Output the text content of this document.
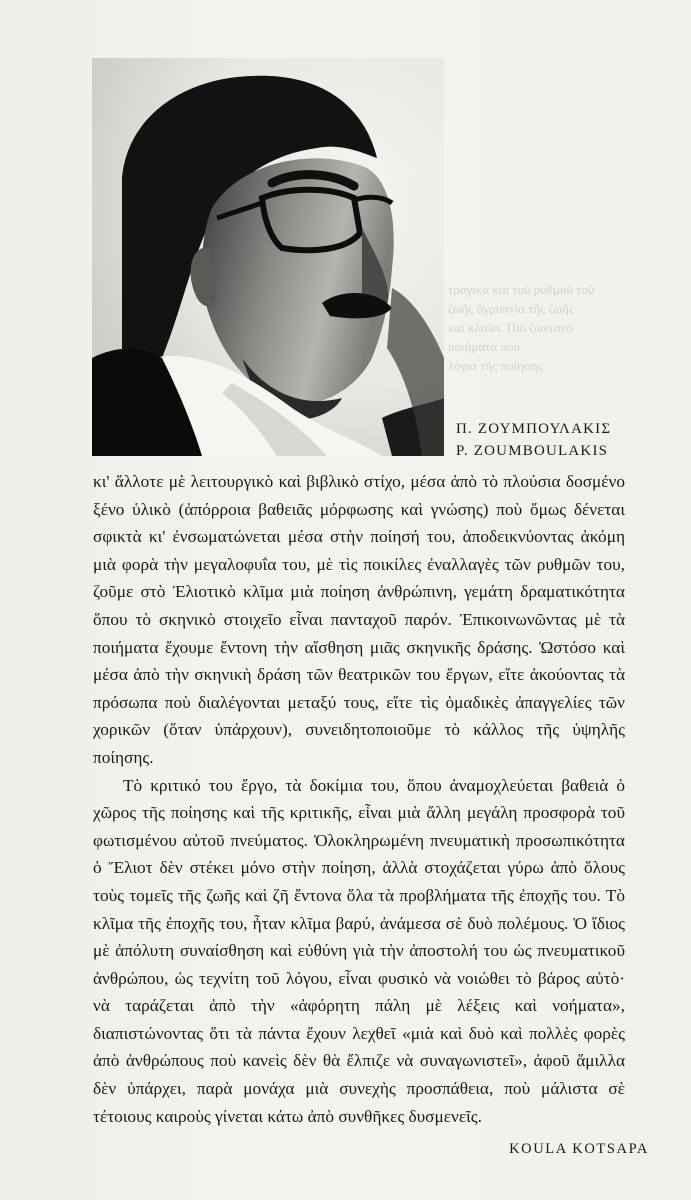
τραγικὰ καὶ τοῦ ρυθμοῦ τοῦ
ζωῆς ἀγρυπνία τῆς ζωῆς
καὶ κλαίει. Πιὸ ζωντανὸ
ποιήματα ποὺ
λόγια τῆς ποίησης
Π. ΖΟΥΜΠΟΥΛΑΚΙΣ
P. ZOUMBOULAKIS

κι' ἄλλοτε μὲ λειτουργικὸ καὶ βιβλικὸ στίχο, μέσα ἀπὸ τὸ πλούσια δοσμένο ξένο ὑλικὸ (ἀπόρροια βαθειᾶς μόρφωσης καὶ γνώσης) ποὺ ὅμως δένεται σφικτὰ κι' ἐνσωματώνεται μέσα στὴν ποίησή του, ἀποδεικνύοντας ἀκόμη μιὰ φορὰ τὴν μεγαλοφυΐα του, μὲ τὶς ποικίλες ἐναλλαγὲς τῶν ρυθμῶν του, ζοῦμε στὸ Ἐλιοτικὸ κλῖμα μιὰ ποίηση ἀνθρώπινη, γεμάτη δραματικότητα ὅπου τὸ σκηνικὸ στοιχεῖο εἶναι πανταχοῦ παρόν. Ἐπικοινωνῶντας μὲ τὰ ποιήματα ἔχουμε ἔντονη τὴν αἴσθηση μιᾶς σκηνικῆς δράσης. Ὡστόσο καὶ μέσα ἀπὸ τὴν σκηνικὴ δράση τῶν θεατρικῶν του ἔργων, εἴτε ἀκούοντας τὰ πρόσωπα ποὺ διαλέγονται μεταξύ τους, εἴτε τὶς ὁμαδικὲς ἀπαγγελίες τῶν χορικῶν (ὅταν ὑπάρχουν), συνειδητοποιοῦμε τὸ κάλλος τῆς ὑψηλῆς ποίησης.

Τὸ κριτικό του ἔργο, τὰ δοκίμια του, ὅπου ἀναμοχλεύεται βαθειὰ ὁ χῶρος τῆς ποίησης καὶ τῆς κριτικῆς, εἶναι μιὰ ἄλλη μεγάλη προσφορὰ τοῦ φωτισμένου αὐτοῦ πνεύματος. Ὁλοκληρωμένη πνευματικὴ προσωπικότητα ὁ Ἔλιοτ δὲν στέκει μόνο στὴν ποίηση, ἀλλὰ στοχάζεται γύρω ἀπὸ ὅλους τοὺς τομεῖς τῆς ζωῆς καὶ ζῆ ἔντονα ὅλα τὰ προβλήματα τῆς ἐποχῆς του. Τὸ κλῖμα τῆς ἐποχῆς του, ἦταν κλῖμα βαρύ, ἀνάμεσα σὲ δυὸ πολέμους. Ὁ ἴδιος μὲ ἀπόλυτη συναίσθηση καὶ εὐθύνη γιὰ τὴν ἀποστολή του ὡς πνευματικοῦ ἀνθρώπου, ὡς τεχνίτη τοῦ λόγου, εἶναι φυσικὸ νὰ νοιώθει τὸ βάρος αὐτὸ· νὰ ταράζεται ἀπὸ τὴν «ἀφόρητη πάλη μὲ λέξεις καὶ νοήματα», διαπιστώνοντας ὅτι τὰ πάντα ἔχουν λεχθεῖ «μιὰ καὶ δυὸ καὶ πολλὲς φορὲς ἀπὸ ἀνθρώπους ποὺ κανεὶς δὲν θὰ ἔλπιζε νὰ συναγωνιστεῖ», ἀφοῦ ἅμιλλα δὲν ὑπάρχει, παρὰ μονάχα μιὰ συνεχὴς προσπάθεια, ποὺ μάλιστα σὲ τέτοιους καιροὺς γίνεται κάτω ἀπὸ συνθῆκες δυσμενεῖς.

KOULA KOTSAPA
